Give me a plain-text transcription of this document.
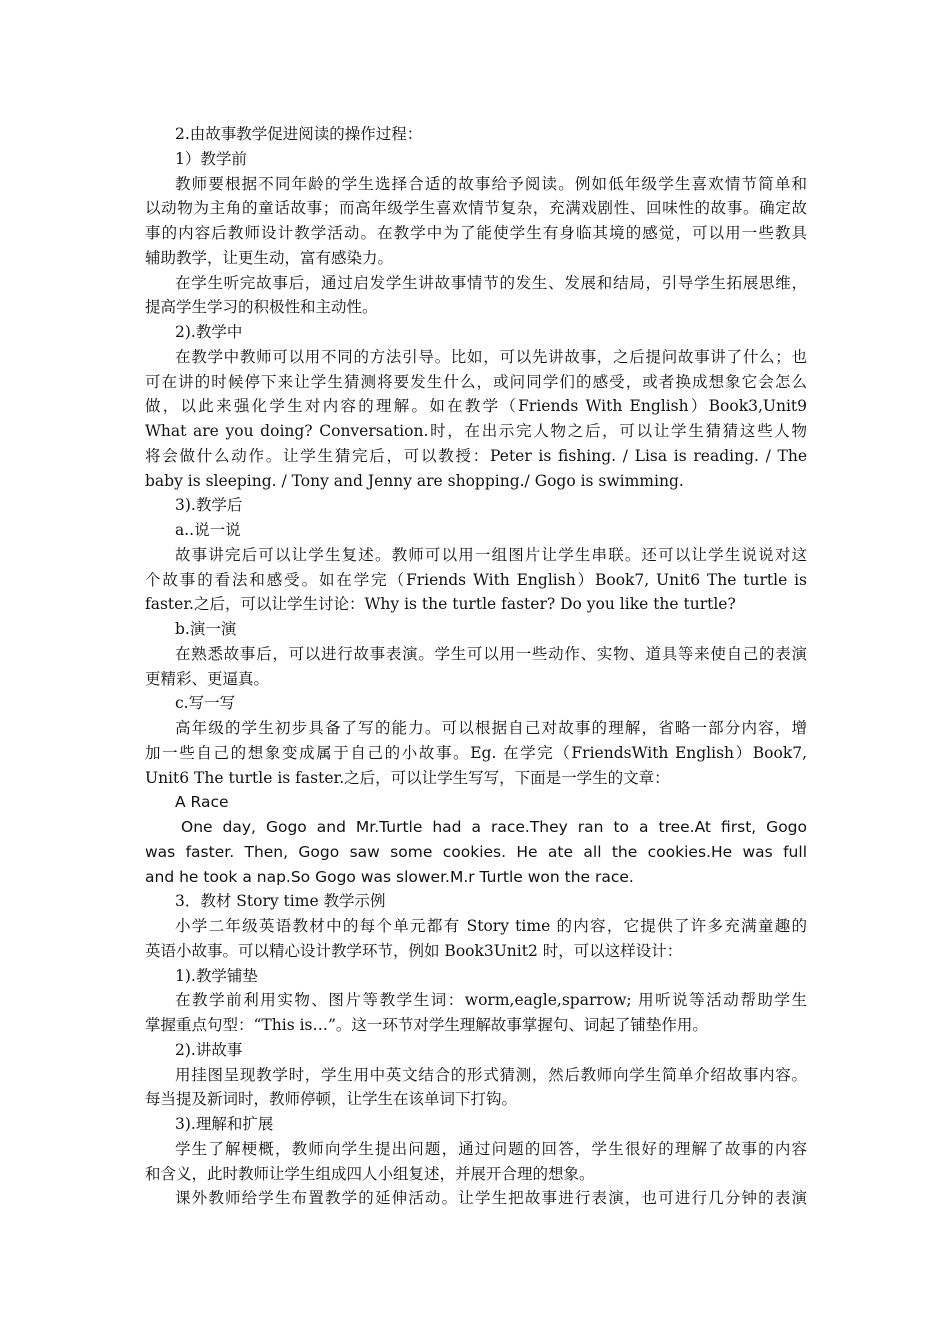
2.由故事教学促进阅读的操作过程：
1）教学前
教师要根据不同年龄的学生选择合适的故事给予阅读。例如低年级学生喜欢情节简单和
以动物为主角的童话故事；而高年级学生喜欢情节复杂，充满戏剧性、回味性的故事。确定故
事的内容后教师设计教学活动。在教学中为了能使学生有身临其境的感觉，可以用一些教具
辅助教学，让更生动，富有感染力。
在学生听完故事后，通过启发学生讲故事情节的发生、发展和结局，引导学生拓展思维，
提高学生学习的积极性和主动性。
2).教学中
在教学中教师可以用不同的方法引导。比如，可以先讲故事，之后提问故事讲了什么；也
可在讲的时候停下来让学生猜测将要发生什么，或问同学们的感受，或者换成想象它会怎么
做，以此来强化学生对内容的理解。如在教学（Friends With English）Book3,Unit9
What are you doing? Conversation.时，在出示完人物之后，可以让学生猜猜这些人物
将会做什么动作。让学生猜完后，可以教授：Peter is fishing. / Lisa is reading. / The
baby is sleeping. / Tony and Jenny are shopping./ Gogo is swimming.
3).教学后
a..说一说
故事讲完后可以让学生复述。教师可以用一组图片让学生串联。还可以让学生说说对这
个故事的看法和感受。如在学完（Friends With English）Book7, Unit6 The turtle is
faster.之后，可以让学生讨论：Why is the turtle faster? Do you like the turtle?
b.演一演
在熟悉故事后，可以进行故事表演。学生可以用一些动作、实物、道具等来使自己的表演
更精彩、更逼真。
c.写一写
高年级的学生初步具备了写的能力。可以根据自己对故事的理解，省略一部分内容，增
加一些自己的想象变成属于自己的小故事。Eg. 在学完（FriendsWith English）Book7,
Unit6 The turtle is faster.之后，可以让学生写写，下面是一学生的文章：
A Race
One day, Gogo and Mr.Turtle had a race.They ran to a tree.At first, Gogo
was faster. Then, Gogo saw some cookies. He ate all the cookies.He was full
and he took a nap.So Gogo was slower.M.r Turtle won the race.
3．教材 Story time 教学示例
小学二年级英语教材中的每个单元都有 Story time 的内容，它提供了许多充满童趣的
英语小故事。可以精心设计教学环节，例如 Book3Unit2 时，可以这样设计：
1).教学铺垫
在教学前利用实物、图片等教学生词：worm,eagle,sparrow; 用听说等活动帮助学生
掌握重点句型：“This is…”。这一环节对学生理解故事掌握句、词起了铺垫作用。
2).讲故事
用挂图呈现教学时，学生用中英文结合的形式猜测，然后教师向学生简单介绍故事内容。
每当提及新词时，教师停顿，让学生在该单词下打钩。
3).理解和扩展
学生了解梗概，教师向学生提出问题，通过问题的回答，学生很好的理解了故事的内容
和含义，此时教师让学生组成四人小组复述，并展开合理的想象。
课外教师给学生布置教学的延伸活动。让学生把故事进行表演，也可进行几分钟的表演
